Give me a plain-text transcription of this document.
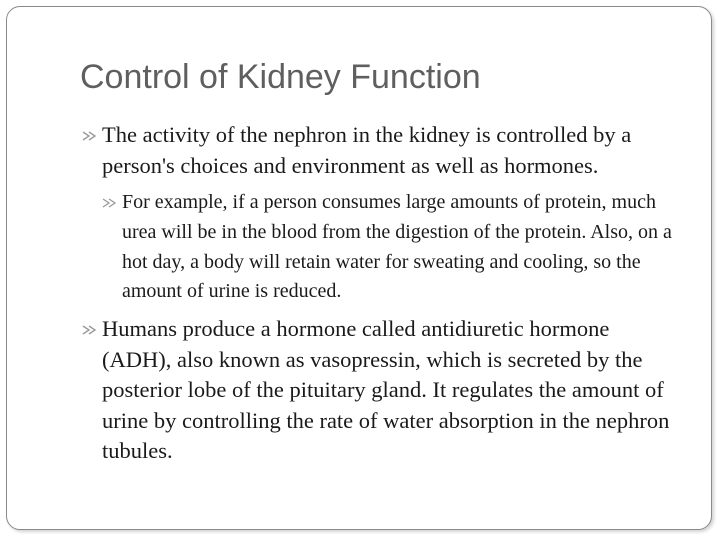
Control of Kidney Function
The activity of the nephron in the kidney is controlled by a person's choices and environment as well as hormones.
For example, if a person consumes large amounts of protein, much urea will be in the blood from the digestion of the protein. Also, on a hot day, a body will retain water for sweating and cooling, so the amount of urine is reduced.
Humans produce a hormone called antidiuretic hormone (ADH), also known as vasopressin, which is secreted by the posterior lobe of the pituitary gland. It regulates the amount of urine by controlling the rate of water absorption in the nephron tubules.
